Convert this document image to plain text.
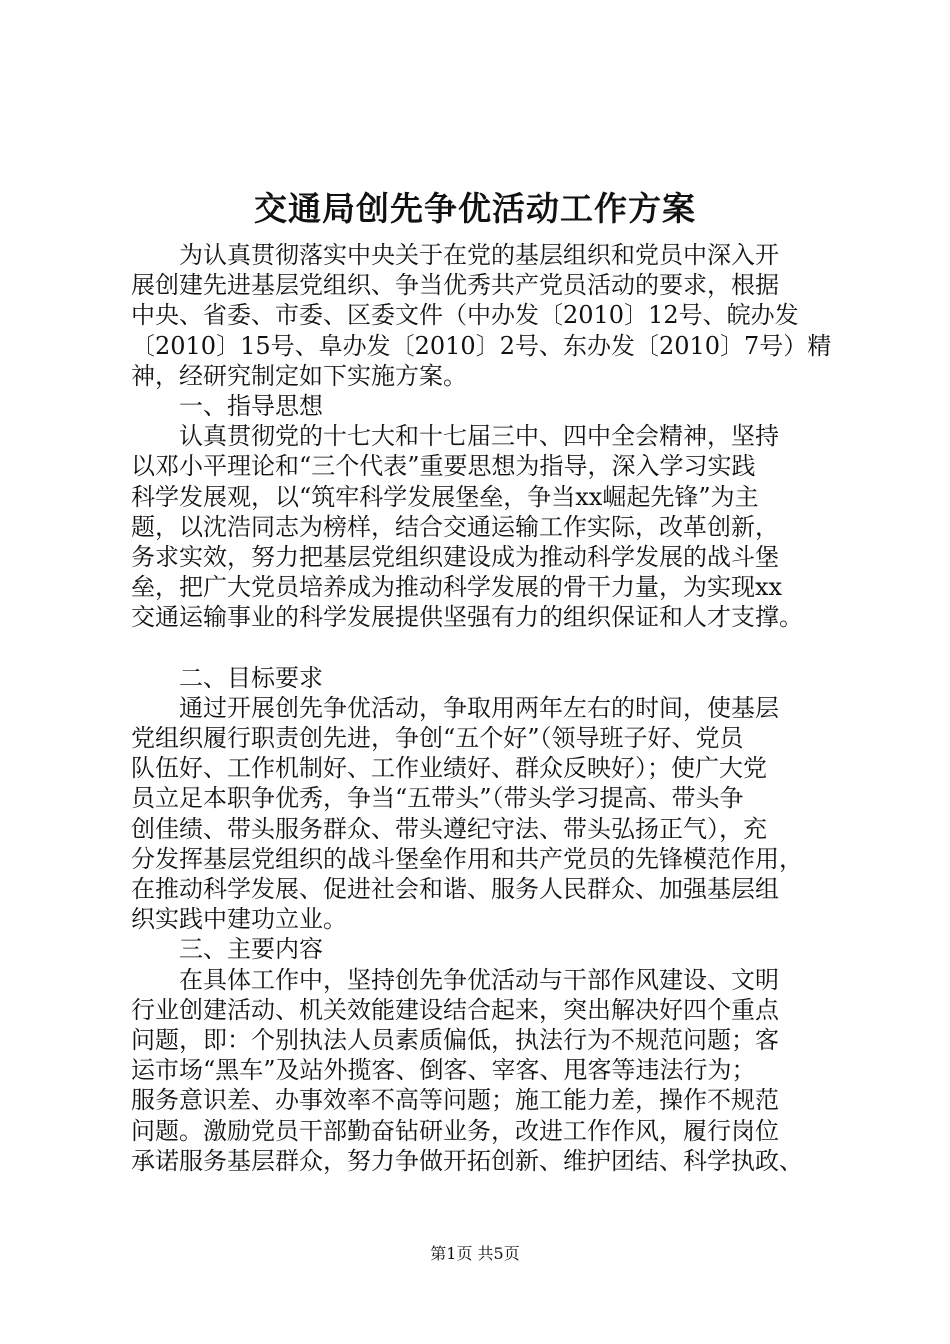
交通局创先争优活动工作方案

为认真贯彻落实中央关于在党的基层组织和党员中深入开
展创建先进基层党组织、争当优秀共产党员活动的要求，根据
中央、省委、市委、区委文件（中办发〔2010〕12号、皖办发
〔2010〕15号、阜办发〔2010〕2号、东办发〔2010〕7号）精
神，经研究制定如下实施方案。

一、指导思想

认真贯彻党的十七大和十七届三中、四中全会精神，坚持
以邓小平理论和“三个代表”重要思想为指导，深入学习实践
科学发展观，以“筑牢科学发展堡垒，争当xx崛起先锋”为主
题，以沈浩同志为榜样，结合交通运输工作实际，改革创新，
务求实效，努力把基层党组织建设成为推动科学发展的战斗堡
垒，把广大党员培养成为推动科学发展的骨干力量，为实现xx
交通运输事业的科学发展提供坚强有力的组织保证和人才支撑。

二、目标要求

通过开展创先争优活动，争取用两年左右的时间，使基层
党组织履行职责创先进，争创“五个好”（领导班子好、党员
队伍好、工作机制好、工作业绩好、群众反映好）；使广大党
员立足本职争优秀，争当“五带头”（带头学习提高、带头争
创佳绩、带头服务群众、带头遵纪守法、带头弘扬正气），充
分发挥基层党组织的战斗堡垒作用和共产党员的先锋模范作用，
在推动科学发展、促进社会和谐、服务人民群众、加强基层组
织实践中建功立业。

三、主要内容

在具体工作中，坚持创先争优活动与干部作风建设、文明
行业创建活动、机关效能建设结合起来，突出解决好四个重点
问题，即：个别执法人员素质偏低，执法行为不规范问题；客
运市场“黑车”及站外揽客、倒客、宰客、甩客等违法行为；
服务意识差、办事效率不高等问题；施工能力差，操作不规范
问题。激励党员干部勤奋钻研业务，改进工作作风，履行岗位
承诺服务基层群众，努力争做开拓创新、维护团结、科学执政、

第1页 共5页
